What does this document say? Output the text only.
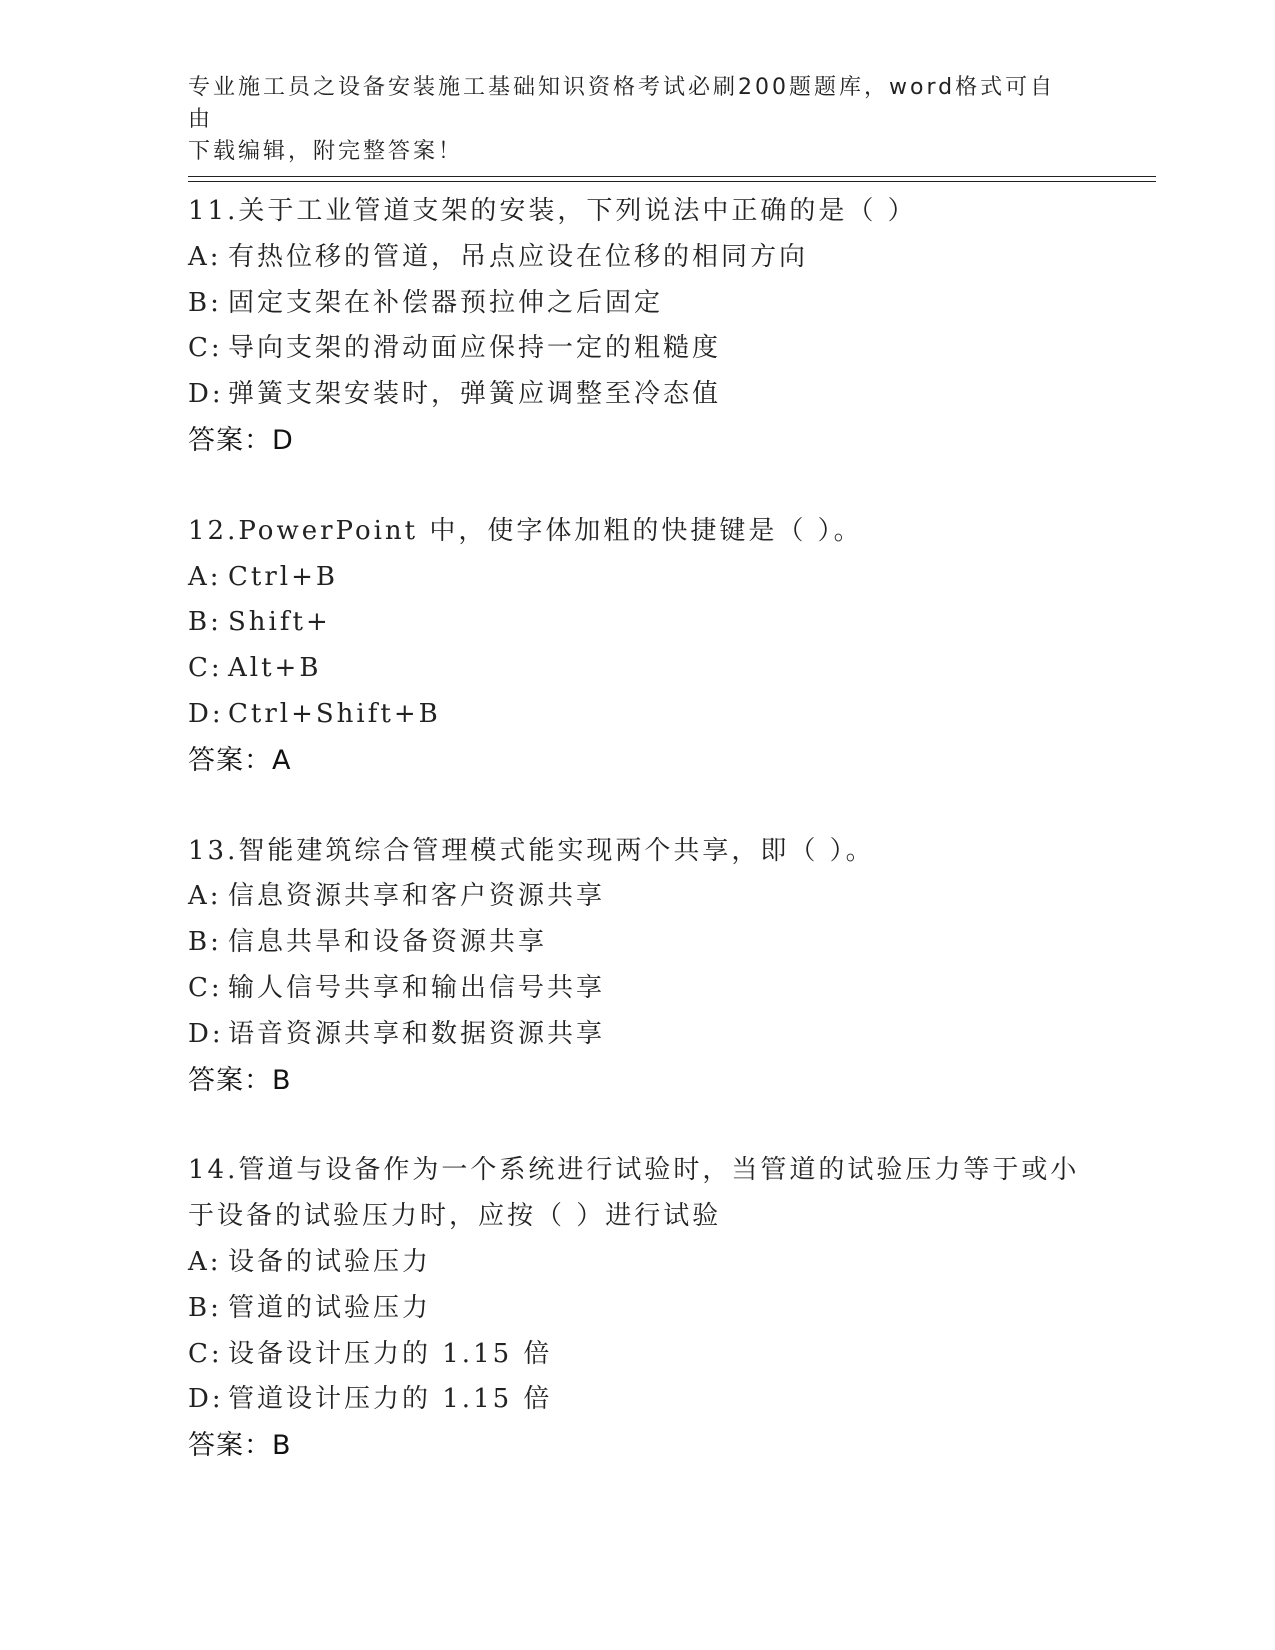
专业施工员之设备安装施工基础知识资格考试必刷200题题库，word格式可自由
下载编辑，附完整答案！
11.关于工业管道支架的安装，下列说法中正确的是（ ）
A: 有热位移的管道，吊点应设在位移的相同方向
B: 固定支架在补偿器预拉伸之后固定
C: 导向支架的滑动面应保持一定的粗糙度
D: 弹簧支架安装时，弹簧应调整至冷态值
答案：D
12.PowerPoint 中，使字体加粗的快捷键是（ ）。
A: Ctrl+B
B: Shift+
C: Alt+B
D: Ctrl+Shift+B
答案：A
13.智能建筑综合管理模式能实现两个共享，即（ ）。
A: 信息资源共享和客户资源共享
B: 信息共旱和设备资源共享
C: 输人信号共享和输出信号共享
D: 语音资源共享和数据资源共享
答案：B
14.管道与设备作为一个系统进行试验时，当管道的试验压力等于或小
于设备的试验压力时，应按（ ）进行试验
A: 设备的试验压力
B: 管道的试验压力
C: 设备设计压力的 1.15 倍
D: 管道设计压力的 1.15 倍
答案：B
